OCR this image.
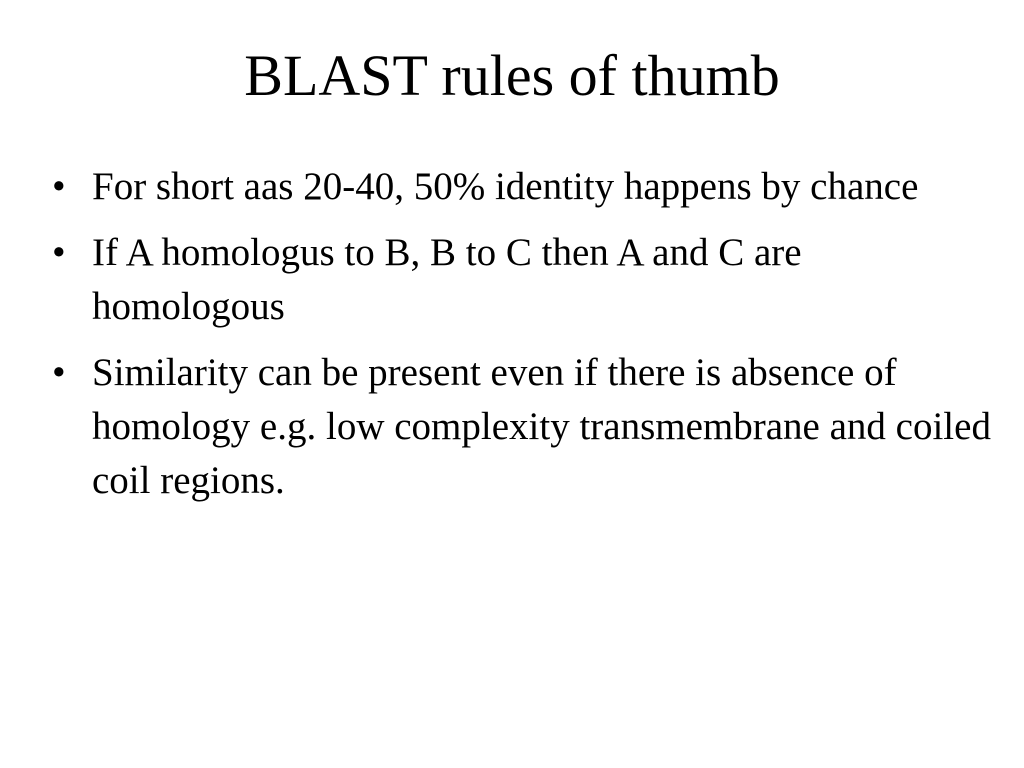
BLAST rules of thumb
• For short aas 20-40, 50% identity happens by chance
• If A homologus to B, B to C then A and C are homologous
• Similarity can be present even if there is absence of homology e.g. low complexity transmembrane and coiled coil regions.
